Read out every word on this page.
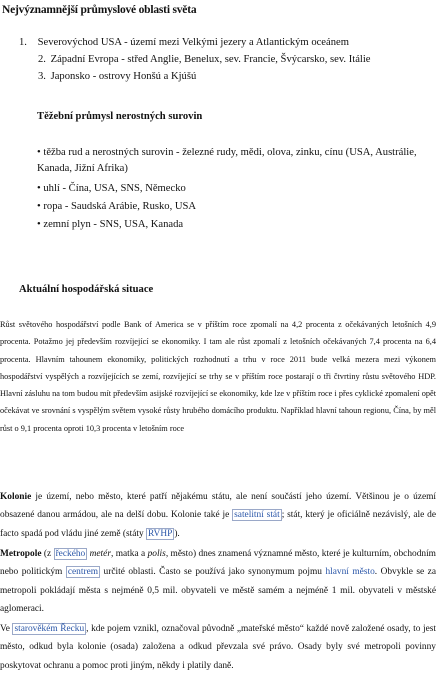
Nejvýznamnější průmyslové oblasti světa
1. Severovýchod USA - území mezi Velkými jezery a Atlantickým oceánem
2. Západní Evropa - střed Anglie, Benelux, sev. Francie, Švýcarsko, sev. Itálie
3. Japonsko - ostrovy Honšú a Kjúšú
Těžební průmysl nerostných surovin
• těžba rud a nerostných surovin - železné rudy, mědi, olova, zinku, cínu (USA, Austrálie, Kanada, Jižní Afrika)
• uhlí - Čína, USA, SNS, Německo
• ropa - Saudská Arábie, Rusko, USA
• zemní plyn - SNS, USA, Kanada
Aktuální hospodářská situace
Růst světového hospodářství podle Bank of America se v příštím roce zpomalí na 4,2 procenta z očekávaných letošních 4,9 procenta. Potažmo jej především rozvíjející se ekonomiky. I tam ale růst zpomalí z letošních očekávaných 7,4 procenta na 6,4 procenta. Hlavním tahounem ekonomiky, politických rozhodnutí a trhu v roce 2011 bude velká mezera mezi výkonem hospodářství vyspělých a rozvíjejících se zemí, rozvíjející se trhy se v příštím roce postarají o tři čtvrtiny růstu světového HDP. Hlavní zásluhu na tom budou mít především asijské rozvíjející se ekonomiky, kde lze v příštím roce i přes cyklické zpomalení opět očekávat ve srovnání s vyspělým světem vysoké růsty hrubého domácího produktu. Například hlavní tahoun regionu, Čína, by měl růst o 9,1 procenta oproti 10,3 procenta v letošním roce
Kolonie je území, nebo město, které patří nějakému státu, ale není součástí jeho území. Většinou je o území obsazené danou armádou, ale na delší dobu. Kolonie také je satelitní stát ; stát, který je oficiálně nezávislý, ale de facto spadá pod vládu jiné země (státy RVHP ).
Metropole (z řeckého metér, matka a polis, město) dnes znamená významné město, které je kulturním, obchodním nebo politickým centrem určité oblasti. Často se používá jako synonymum pojmu hlavní město. Obvykle se za metropoli pokládají města s nejméně 0,5 mil. obyvateli ve městě samém a nejméně 1 mil. obyvateli v městské aglomeraci.
Ve starověkém Řecku , kde pojem vznikl, označoval původně „mateřské město“ každé nově založené osady, to jest město, odkud byla kolonie (osada) založena a odkud převzala své právo. Osady byly své metropoli povinny poskytovat ochranu a pomoc proti jiným, někdy i platily daně.
